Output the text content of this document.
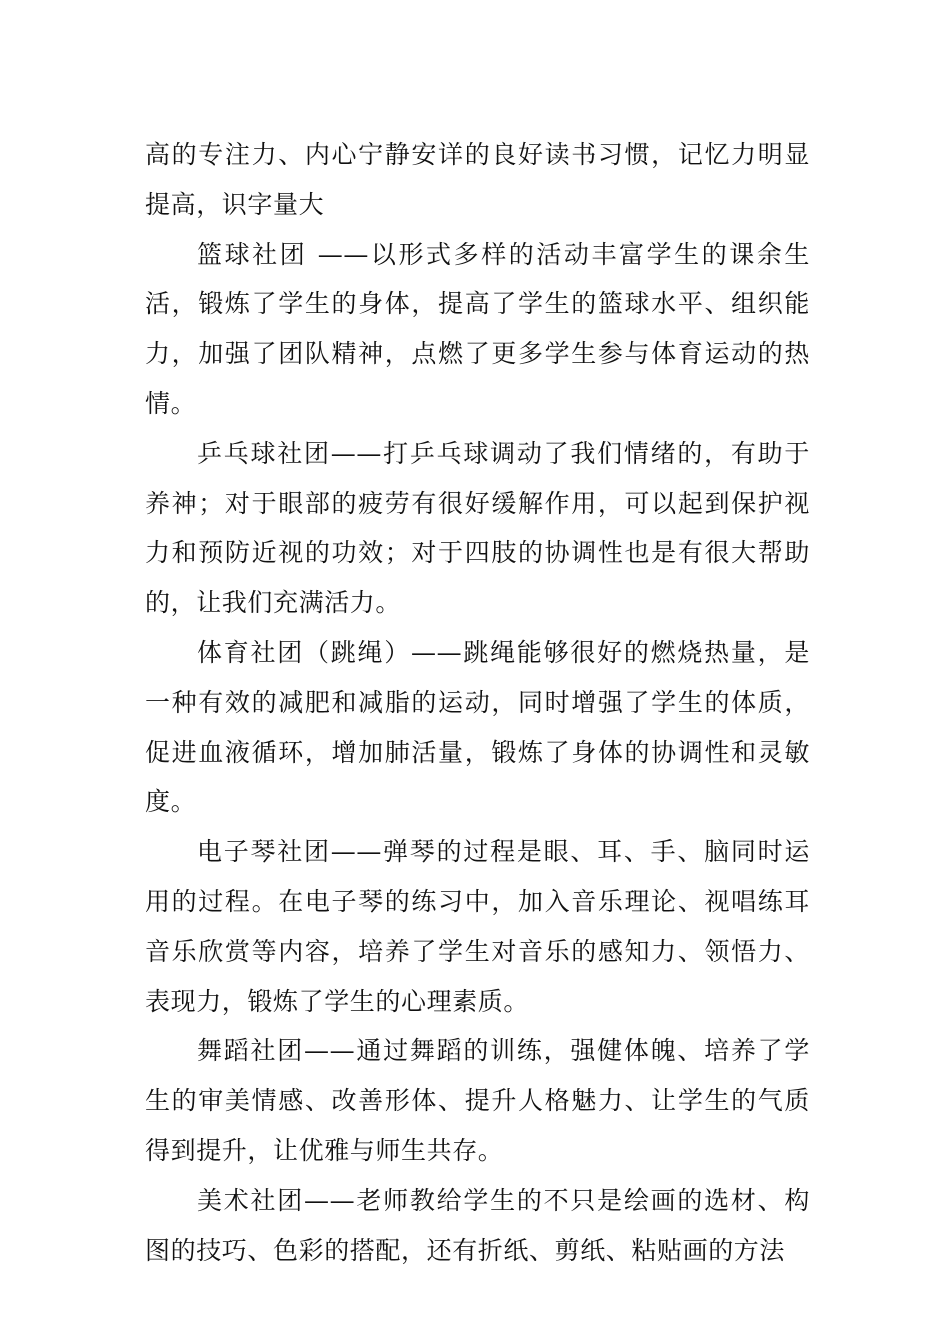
高的专注力、内心宁静安详的良好读书习惯，记忆力明显提高，识字量大

篮球社团 ——以形式多样的活动丰富学生的课余生活，锻炼了学生的身体，提高了学生的篮球水平、组织能力，加强了团队精神，点燃了更多学生参与体育运动的热情。

乒乓球社团——打乒乓球调动了我们情绪的，有助于养神；对于眼部的疲劳有很好缓解作用，可以起到保护视力和预防近视的功效；对于四肢的协调性也是有很大帮助的，让我们充满活力。

体育社团（跳绳）——跳绳能够很好的燃烧热量，是一种有效的减肥和减脂的运动，同时增强了学生的体质，促进血液循环，增加肺活量，锻炼了身体的协调性和灵敏度。

电子琴社团——弹琴的过程是眼、耳、手、脑同时运用的过程。在电子琴的练习中，加入音乐理论、视唱练耳音乐欣赏等内容，培养了学生对音乐的感知力、领悟力、表现力，锻炼了学生的心理素质。

舞蹈社团——通过舞蹈的训练，强健体魄、培养了学生的审美情感、改善形体、提升人格魅力、让学生的气质得到提升，让优雅与师生共存。

美术社团——老师教给学生的不只是绘画的选材、构图的技巧、色彩的搭配，还有折纸、剪纸、粘贴画的方法
